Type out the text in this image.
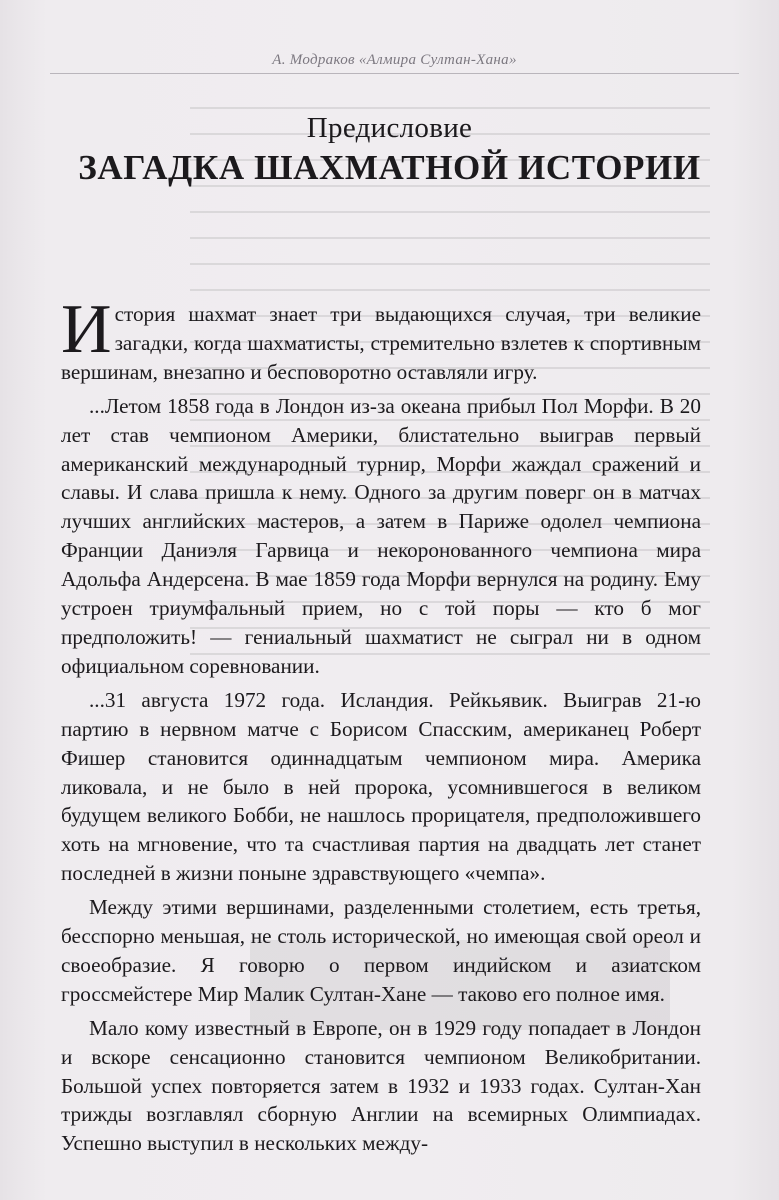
А. Модраков «Алмира Султан-Хана»
Предисловие
ЗАГАДКА ШАХМАТНОЙ ИСТОРИИ

История шахмат знает три выдающихся случая, три великие загадки, когда шахматисты, стремительно взлетев к спортивным вершинам, внезапно и бесповоротно оставляли игру.

...Летом 1858 года в Лондон из-за океана прибыл Пол Морфи. В 20 лет став чемпионом Америки, блистательно выиграв первый американский международный турнир, Морфи жаждал сражений и славы. И слава пришла к нему. Одного за другим поверг он в матчах лучших английских мастеров, а затем в Париже одолел чемпиона Франции Даниэля Гарвица и некоронованного чемпиона мира Адольфа Андерсена. В мае 1859 года Морфи вернулся на родину. Ему устроен триумфальный прием, но с той поры — кто б мог предположить! — гениальный шахматист не сыграл ни в одном официальном соревновании.

...31 августа 1972 года. Исландия. Рейкьявик. Выиграв 21-ю партию в нервном матче с Борисом Спасским, американец Роберт Фишер становится одиннадцатым чемпионом мира. Америка ликовала, и не было в ней пророка, усомнившегося в великом будущем великого Бобби, не нашлось прорицателя, предположившего хоть на мгновение, что та счастливая партия на двадцать лет станет последней в жизни поныне здравствующего «чемпа».

Между этими вершинами, разделенными столетием, есть третья, бесспорно меньшая, не столь исторической, но имеющая свой ореол и своеобразие. Я говорю о первом индийском и азиатском гроссмейстере Мир Малик Султан-Хане — таково его полное имя.

Мало кому известный в Европе, он в 1929 году попадает в Лондон и вскоре сенсационно становится чемпионом Великобритании. Большой успех повторяется затем в 1932 и 1933 годах. Султан-Хан трижды возглавлял сборную Англии на всемирных Олимпиадах. Успешно выступил в нескольких между-
